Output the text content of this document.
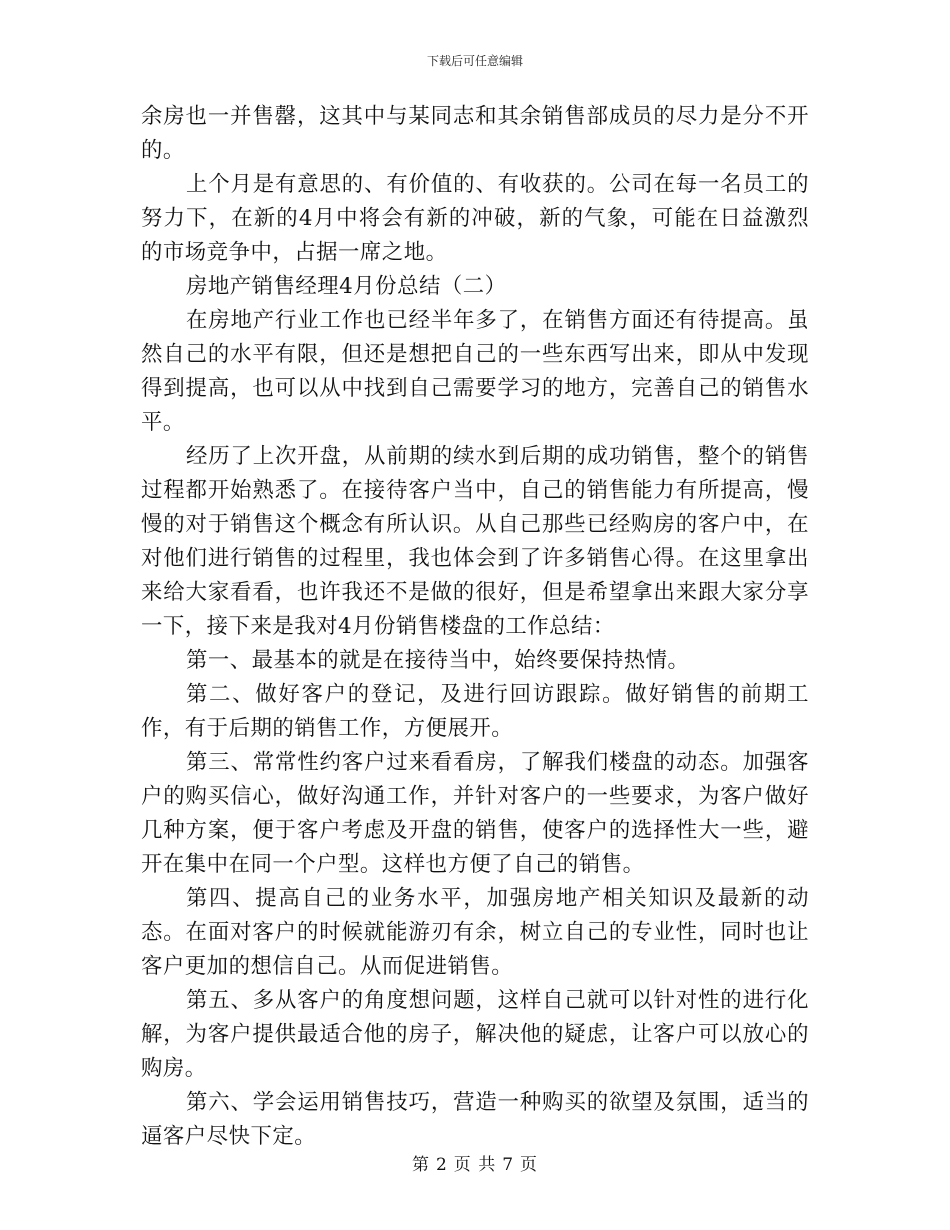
下载后可任意编辑

余房也一并售罄，这其中与某同志和其余销售部成员的尽力是分不开的。

上个月是有意思的、有价值的、有收获的。公司在每一名员工的努力下，在新的4月中将会有新的冲破，新的气象，可能在日益激烈的市场竞争中，占据一席之地。

房地产销售经理4月份总结（二）

在房地产行业工作也已经半年多了，在销售方面还有待提高。虽然自己的水平有限，但还是想把自己的一些东西写出来，即从中发现得到提高，也可以从中找到自己需要学习的地方，完善自己的销售水平。

经历了上次开盘，从前期的续水到后期的成功销售，整个的销售过程都开始熟悉了。在接待客户当中，自己的销售能力有所提高，慢慢的对于销售这个概念有所认识。从自己那些已经购房的客户中，在对他们进行销售的过程里，我也体会到了许多销售心得。在这里拿出来给大家看看，也许我还不是做的很好，但是希望拿出来跟大家分享一下，接下来是我对4月份销售楼盘的工作总结：

第一、最基本的就是在接待当中，始终要保持热情。

第二、做好客户的登记，及进行回访跟踪。做好销售的前期工作，有于后期的销售工作，方便展开。

第三、常常性约客户过来看看房，了解我们楼盘的动态。加强客户的购买信心，做好沟通工作，并针对客户的一些要求，为客户做好几种方案，便于客户考虑及开盘的销售，使客户的选择性大一些，避开在集中在同一个户型。这样也方便了自己的销售。

第四、提高自己的业务水平，加强房地产相关知识及最新的动态。在面对客户的时候就能游刃有余，树立自己的专业性，同时也让客户更加的想信自己。从而促进销售。

第五、多从客户的角度想问题，这样自己就可以针对性的进行化解，为客户提供最适合他的房子，解决他的疑虑，让客户可以放心的购房。

第六、学会运用销售技巧，营造一种购买的欲望及氛围，适当的逼客户尽快下定。

第 2 页 共 7 页
